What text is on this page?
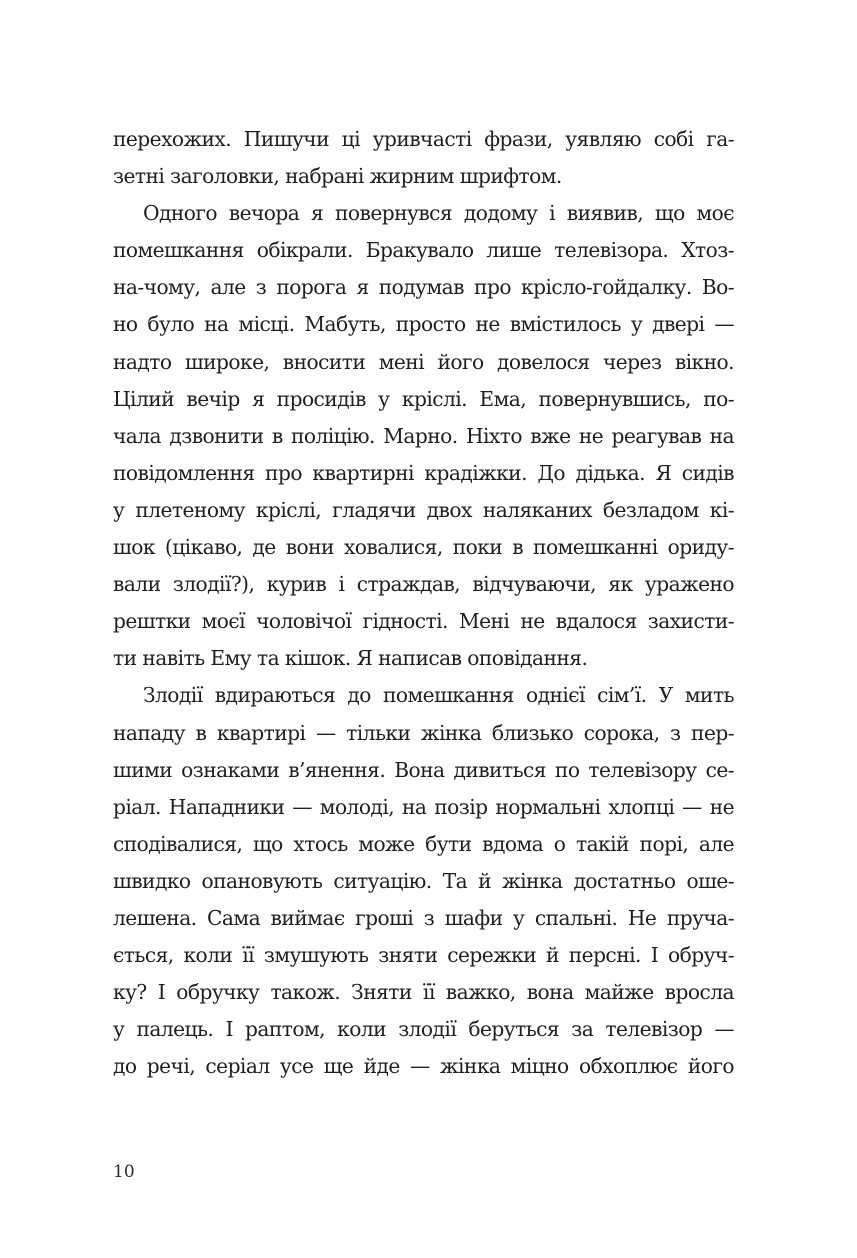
перехожих. Пишучи ці уривчасті фрази, уявляю собі га-
зетні заголовки, набрані жирним шрифтом.
Одного вечора я повернувся додому і виявив, що моє
помешкання обікрали. Бракувало лише телевізора. Хтоз-
на-чому, але з порога я подумав про крісло-гойдалку. Во-
но було на місці. Мабуть, просто не вмістилось у двері —
надто широке, вносити мені його довелося через вікно.
Цілий вечір я просидів у кріслі. Ема, повернувшись, по-
чала дзвонити в поліцію. Марно. Ніхто вже не реагував на
повідомлення про квартирні крадіжки. До дідька. Я сидів
у плетеному кріслі, гладячи двох наляканих безладом кі-
шок (цікаво, де вони ховалися, поки в помешканні ориду-
вали злодії?), курив і страждав, відчуваючи, як уражено
рештки моєї чоловічої гідності. Мені не вдалося захисти-
ти навіть Ему та кішок. Я написав оповідання.
Злодії вдираються до помешкання однієї сім’ї. У мить
нападу в квартирі — тільки жінка близько сорока, з пер-
шими ознаками в’янення. Вона дивиться по телевізору се-
ріал. Нападники — молоді, на позір нормальні хлопці — не
сподівалися, що хтось може бути вдома о такій порі, але
швидко опановують ситуацію. Та й жінка достатньо оше-
лешена. Сама виймає гроші з шафи у спальні. Не пруча-
ється, коли її змушують зняти сережки й персні. І обруч-
ку? І обручку також. Зняти її важко, вона майже вросла
у палець. І раптом, коли злодії беруться за телевізор —
до речі, серіал усе ще йде — жінка міцно обхоплює його
10
